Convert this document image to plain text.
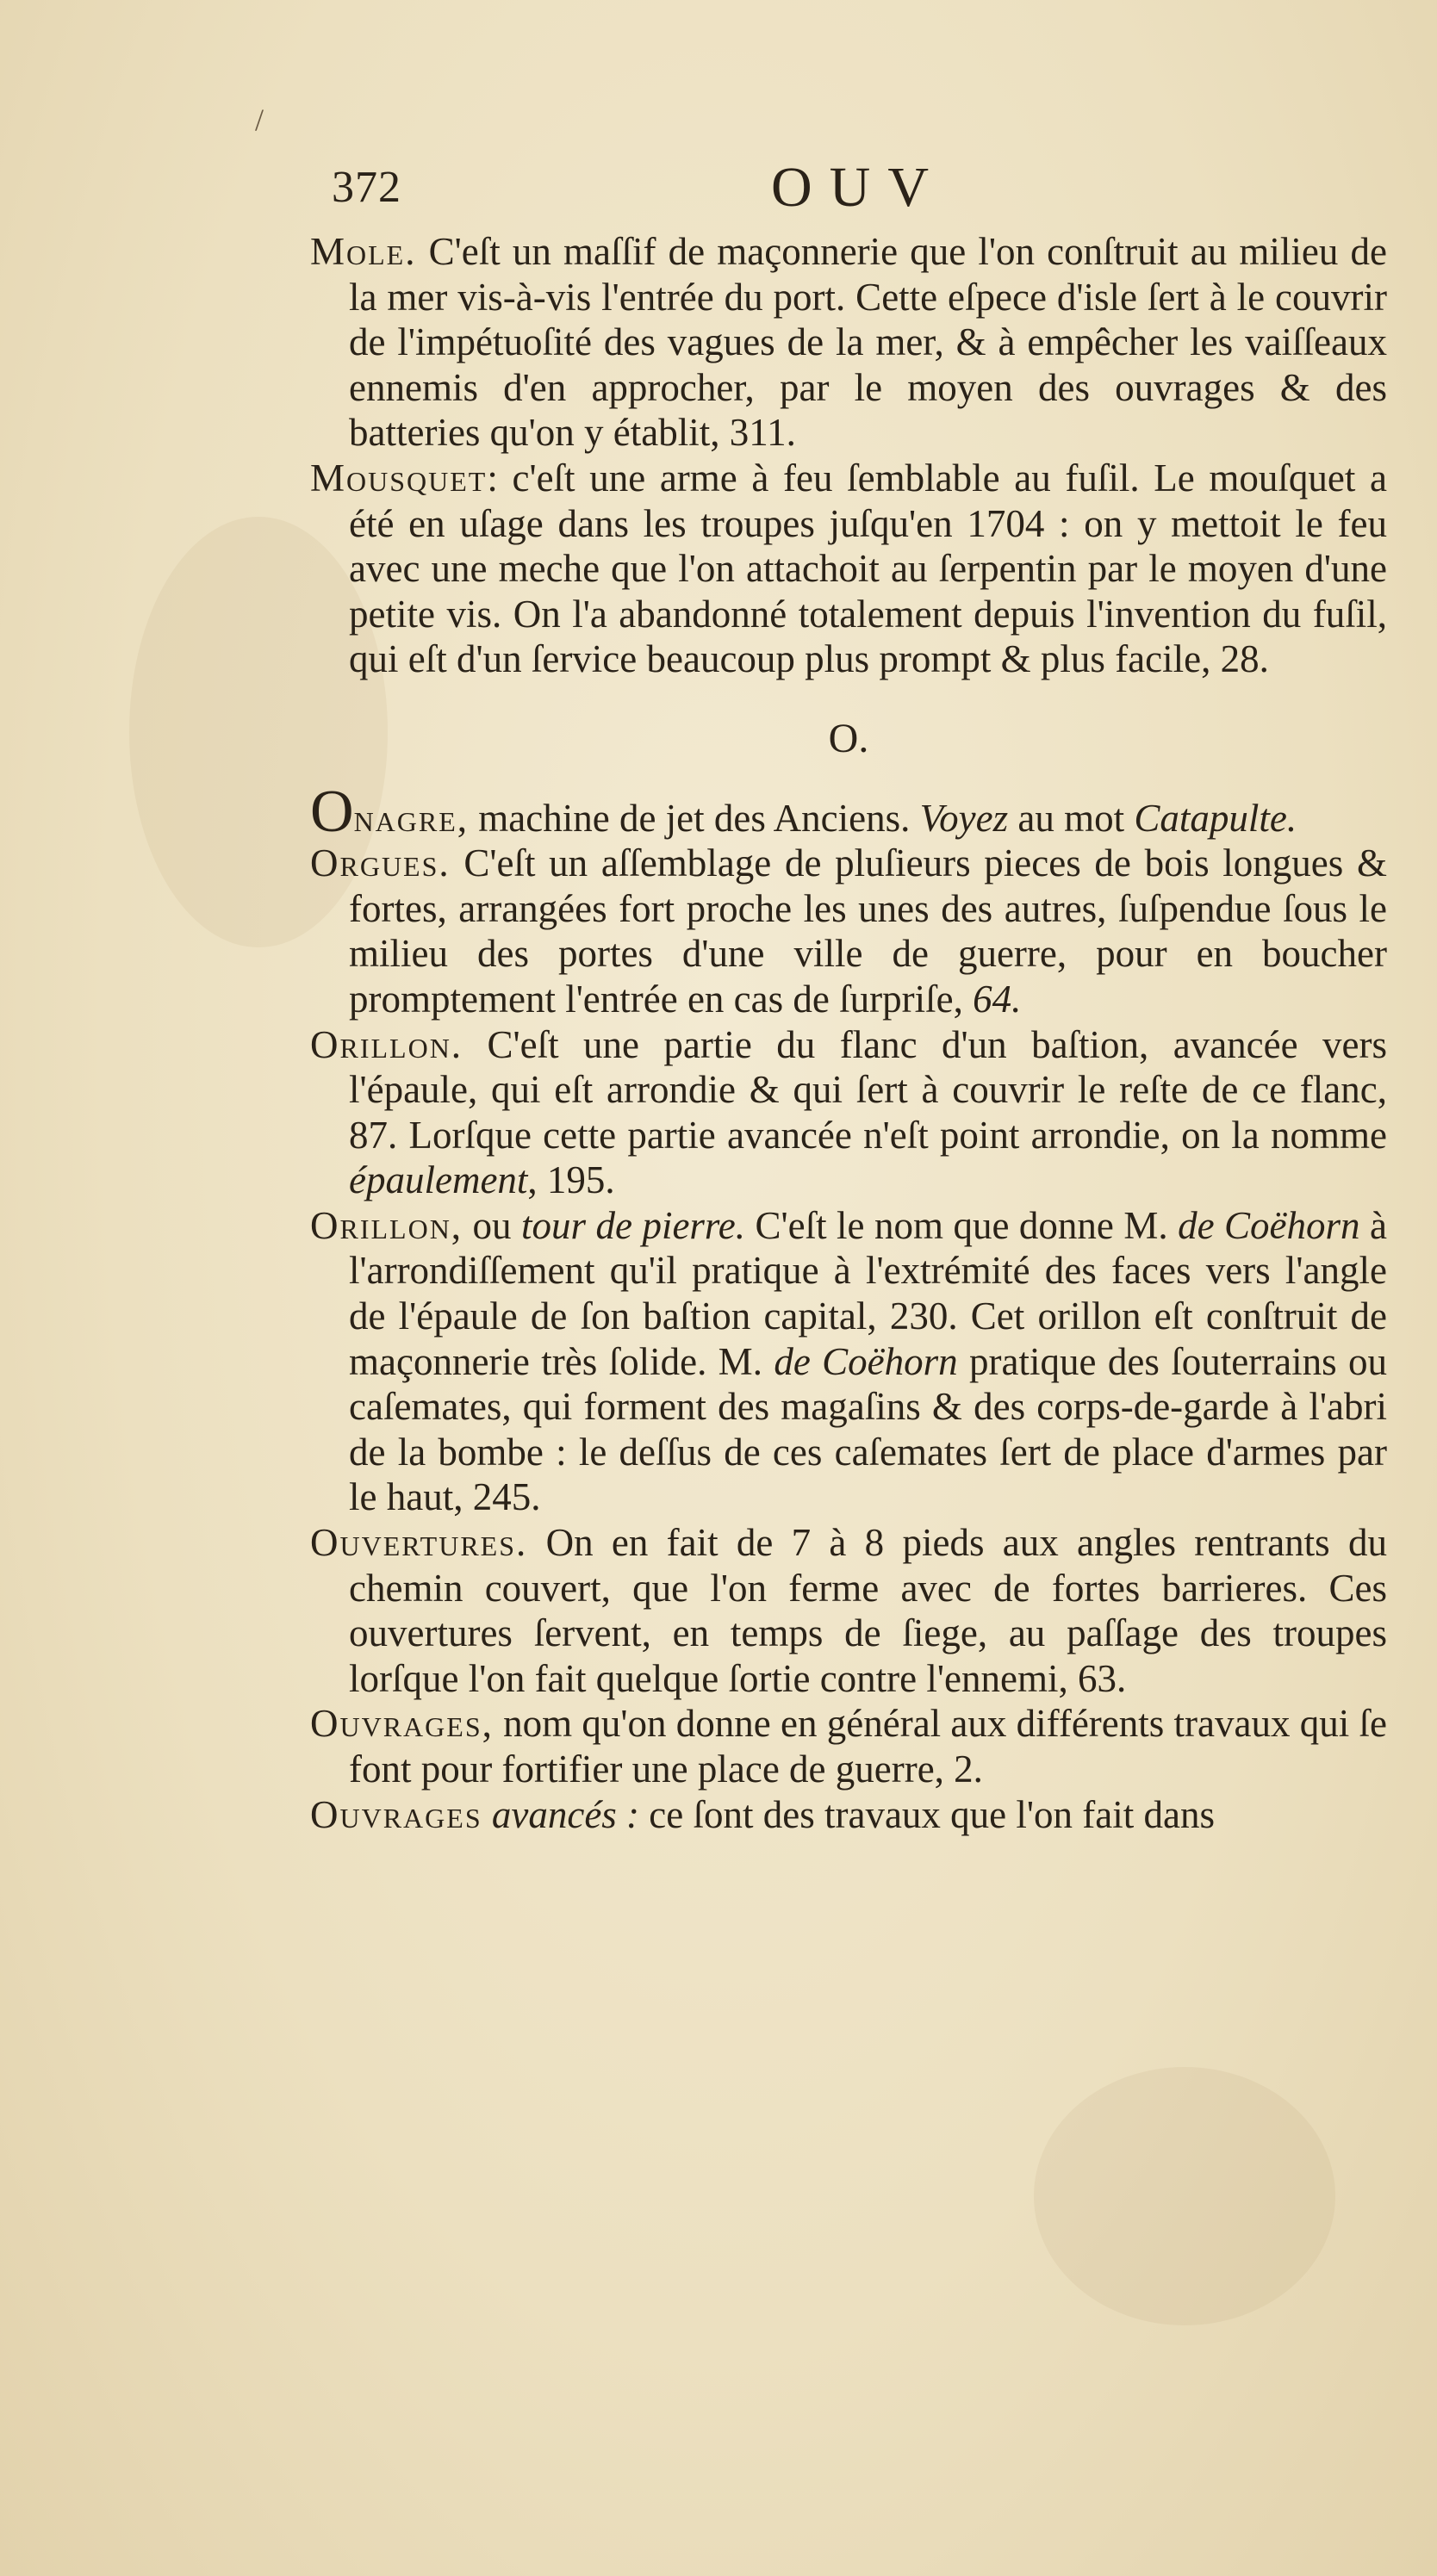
/
372	OUV

Mole. C'eſt un maſſif de maçonnerie que l'on conſtruit au milieu de la mer vis-à-vis l'entrée du port. Cette eſpece d'isle ſert à le couvrir de l'impétuoſité des vagues de la mer, & à empêcher les vaiſſeaux ennemis d'en approcher, par le moyen des ouvrages & des batteries qu'on y établit, 311.

Mousquet: c'eſt une arme à feu ſemblable au fuſil. Le mouſquet a été en uſage dans les troupes juſqu'en 1704 : on y mettoit le feu avec une meche que l'on attachoit au ſerpentin par le moyen d'une petite vis. On l'a abandonné totalement depuis l'invention du fuſil, qui eſt d'un ſervice beaucoup plus prompt & plus facile, 28.

O.

Onagre, machine de jet des Anciens. Voyez au mot Catapulte.

Orgues. C'eſt un aſſemblage de pluſieurs pieces de bois longues & fortes, arrangées fort proche les unes des autres, ſuſpendue ſous le milieu des portes d'une ville de guerre, pour en boucher promptement l'entrée en cas de ſurpriſe, 64.

Orillon. C'eſt une partie du flanc d'un baſtion, avancée vers l'épaule, qui eſt arrondie & qui ſert à couvrir le reſte de ce flanc, 87. Lorſque cette partie avancée n'eſt point arrondie, on la nomme épaulement, 195.

Orillon, ou tour de pierre. C'eſt le nom que donne M. de Coëhorn à l'arrondiſſement qu'il pratique à l'extrémité des faces vers l'angle de l'épaule de ſon baſtion capital, 230. Cet orillon eſt conſtruit de maçonnerie très ſolide. M. de Coëhorn pratique des ſouterrains ou caſemates, qui forment des magaſins & des corps-de-garde à l'abri de la bombe : le deſſus de ces caſemates ſert de place d'armes par le haut, 245.

Ouvertures. On en fait de 7 à 8 pieds aux angles rentrants du chemin couvert, que l'on ferme avec de fortes barrieres. Ces ouvertures ſervent, en temps de ſiege, au paſſage des troupes lorſque l'on fait quelque ſortie contre l'ennemi, 63.

Ouvrages, nom qu'on donne en général aux différents travaux qui ſe font pour fortifier une place de guerre, 2.

Ouvrages avancés : ce ſont des travaux que l'on fait dans
